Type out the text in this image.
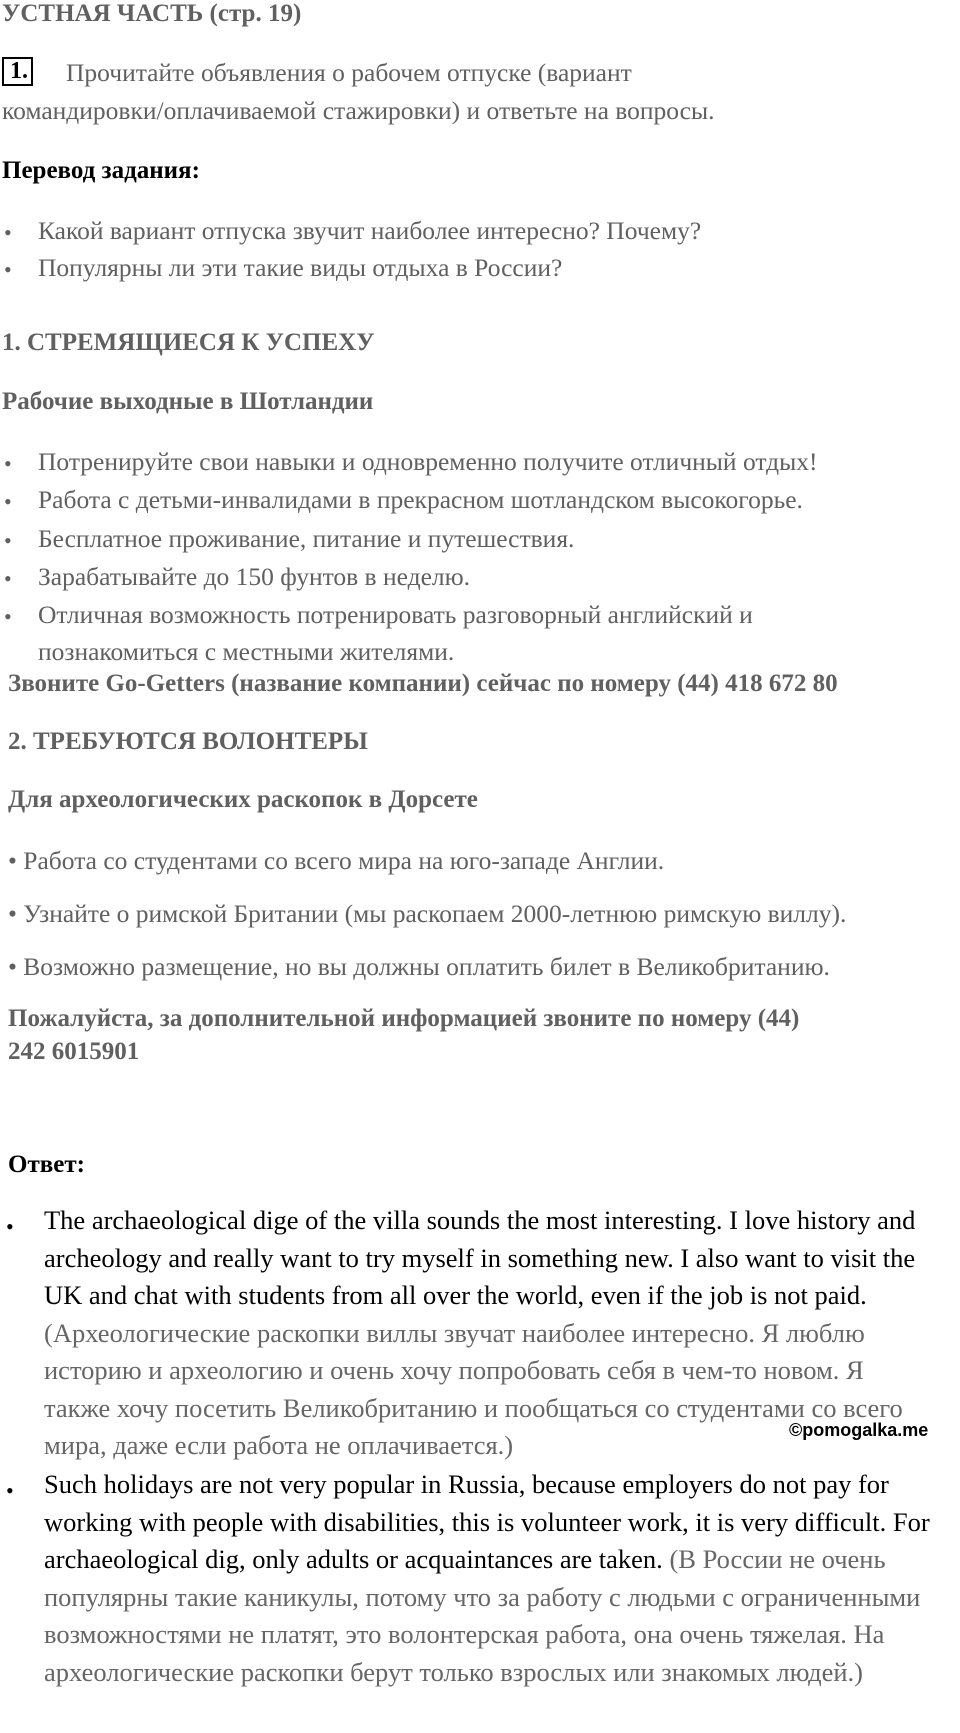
УСТНАЯ ЧАСТЬ (стр. 19)
1. Прочитайте объявления о рабочем отпуске (вариант
командировки/оплачиваемой стажировки) и ответьте на вопросы.
Перевод задания:
• Какой вариант отпуска звучит наиболее интересно? Почему?
• Популярны ли эти такие виды отдыха в России?
1. СТРЕМЯЩИЕСЯ К УСПЕХУ
Рабочие выходные в Шотландии
• Потренируйте свои навыки и одновременно получите отличный отдых!
• Работа с детьми-инвалидами в прекрасном шотландском высокогорье.
• Бесплатное проживание, питание и путешествия.
• Зарабатывайте до 150 фунтов в неделю.
• Отличная возможность потренировать разговорный английский и
познакомиться с местными жителями.
Звоните Go-Getters (название компании) сейчас по номеру (44) 418 672 80
2. ТРЕБУЮТСЯ ВОЛОНТЕРЫ
Для археологических раскопок в Дорсете
• Работа со студентами со всего мира на юго-западе Англии.
• Узнайте о римской Британии (мы раскопаем 2000-летнюю римскую виллу).
• Возможно размещение, но вы должны оплатить билет в Великобританию.
Пожалуйста, за дополнительной информацией звоните по номеру (44)
242 6015901
Ответ:
• The archaeological dige of the villa sounds the most interesting. I love history and archeology and really want to try myself in something new. I also want to visit the UK and chat with students from all over the world, even if the job is not paid. (Археологические раскопки виллы звучат наиболее интересно. Я люблю историю и археологию и очень хочу попробовать себя в чем-то новом. Я также хочу посетить Великобританию и пообщаться со студентами со всего мира, даже если работа не оплачивается.)
• Such holidays are not very popular in Russia, because employers do not pay for working with people with disabilities, this is volunteer work, it is very difficult. For archaeological dig, only adults or acquaintances are taken. (В России не очень популярны такие каникулы, потому что за работу с людьми с ограниченными возможностями не платят, это волонтерская работа, она очень тяжелая. На археологические раскопки берут только взрослых или знакомых людей.)
©pomogalka.me
